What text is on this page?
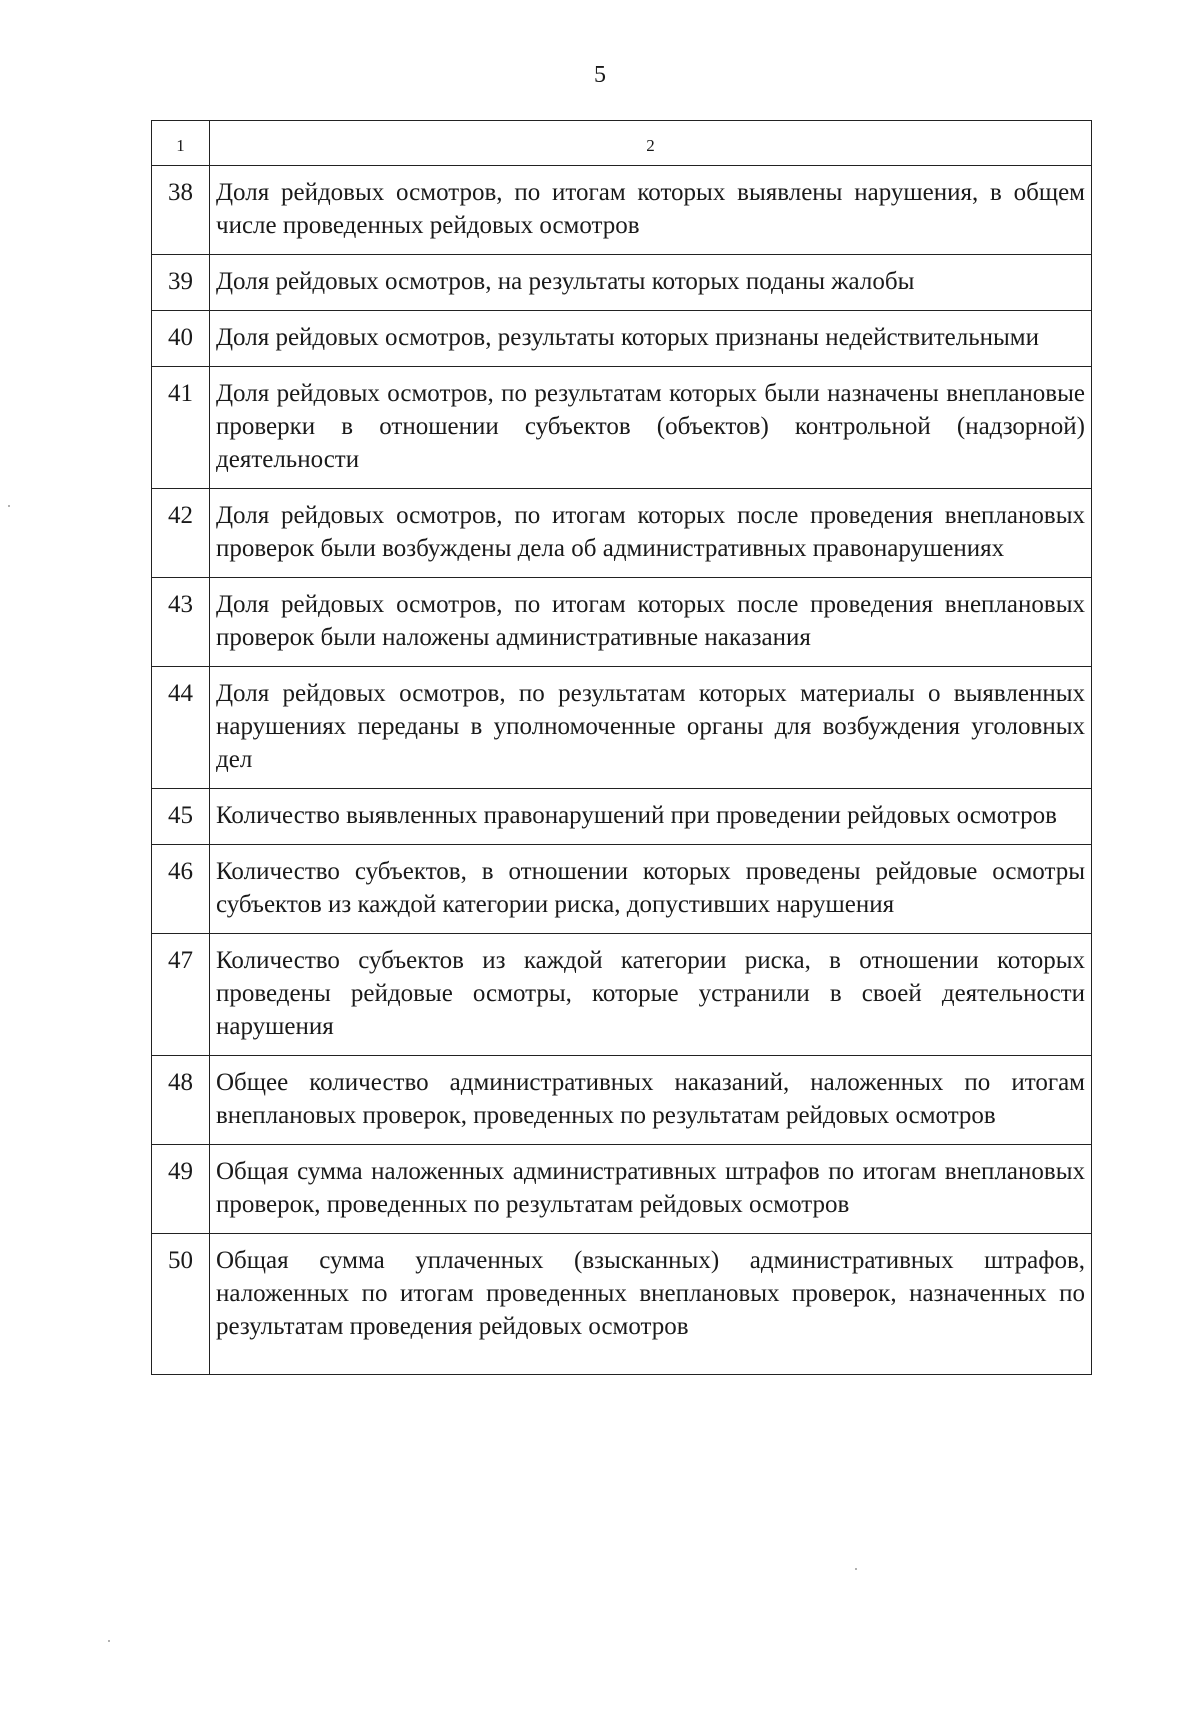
5
1	2
38	Доля рейдовых осмотров, по итогам которых выявлены нарушения, в общем числе проведенных рейдовых осмотров
39	Доля рейдовых осмотров, на результаты которых поданы жалобы
40	Доля рейдовых осмотров, результаты которых признаны недействительными
41	Доля рейдовых осмотров, по результатам которых были назначены внеплановые проверки в отношении субъектов (объектов) контрольной (надзорной) деятельности
42	Доля рейдовых осмотров, по итогам которых после проведения внеплановых проверок были возбуждены дела об административных правонарушениях
43	Доля рейдовых осмотров, по итогам которых после проведения внеплановых проверок были наложены административные наказания
44	Доля рейдовых осмотров, по результатам которых материалы о выявленных нарушениях переданы в уполномоченные органы для возбуждения уголовных дел
45	Количество выявленных правонарушений при проведении рейдовых осмотров
46	Количество субъектов, в отношении которых проведены рейдовые осмотры субъектов из каждой категории риска, допустивших нарушения
47	Количество субъектов из каждой категории риска, в отношении которых проведены рейдовые осмотры, которые устранили в своей деятельности нарушения
48	Общее количество административных наказаний, наложенных по итогам внеплановых проверок, проведенных по результатам рейдовых осмотров
49	Общая сумма наложенных административных штрафов по итогам внеплановых проверок, проведенных по результатам рейдовых осмотров
50	Общая сумма уплаченных (взысканных) административных штрафов, наложенных по итогам проведенных внеплановых проверок, назначенных по результатам проведения рейдовых осмотров
